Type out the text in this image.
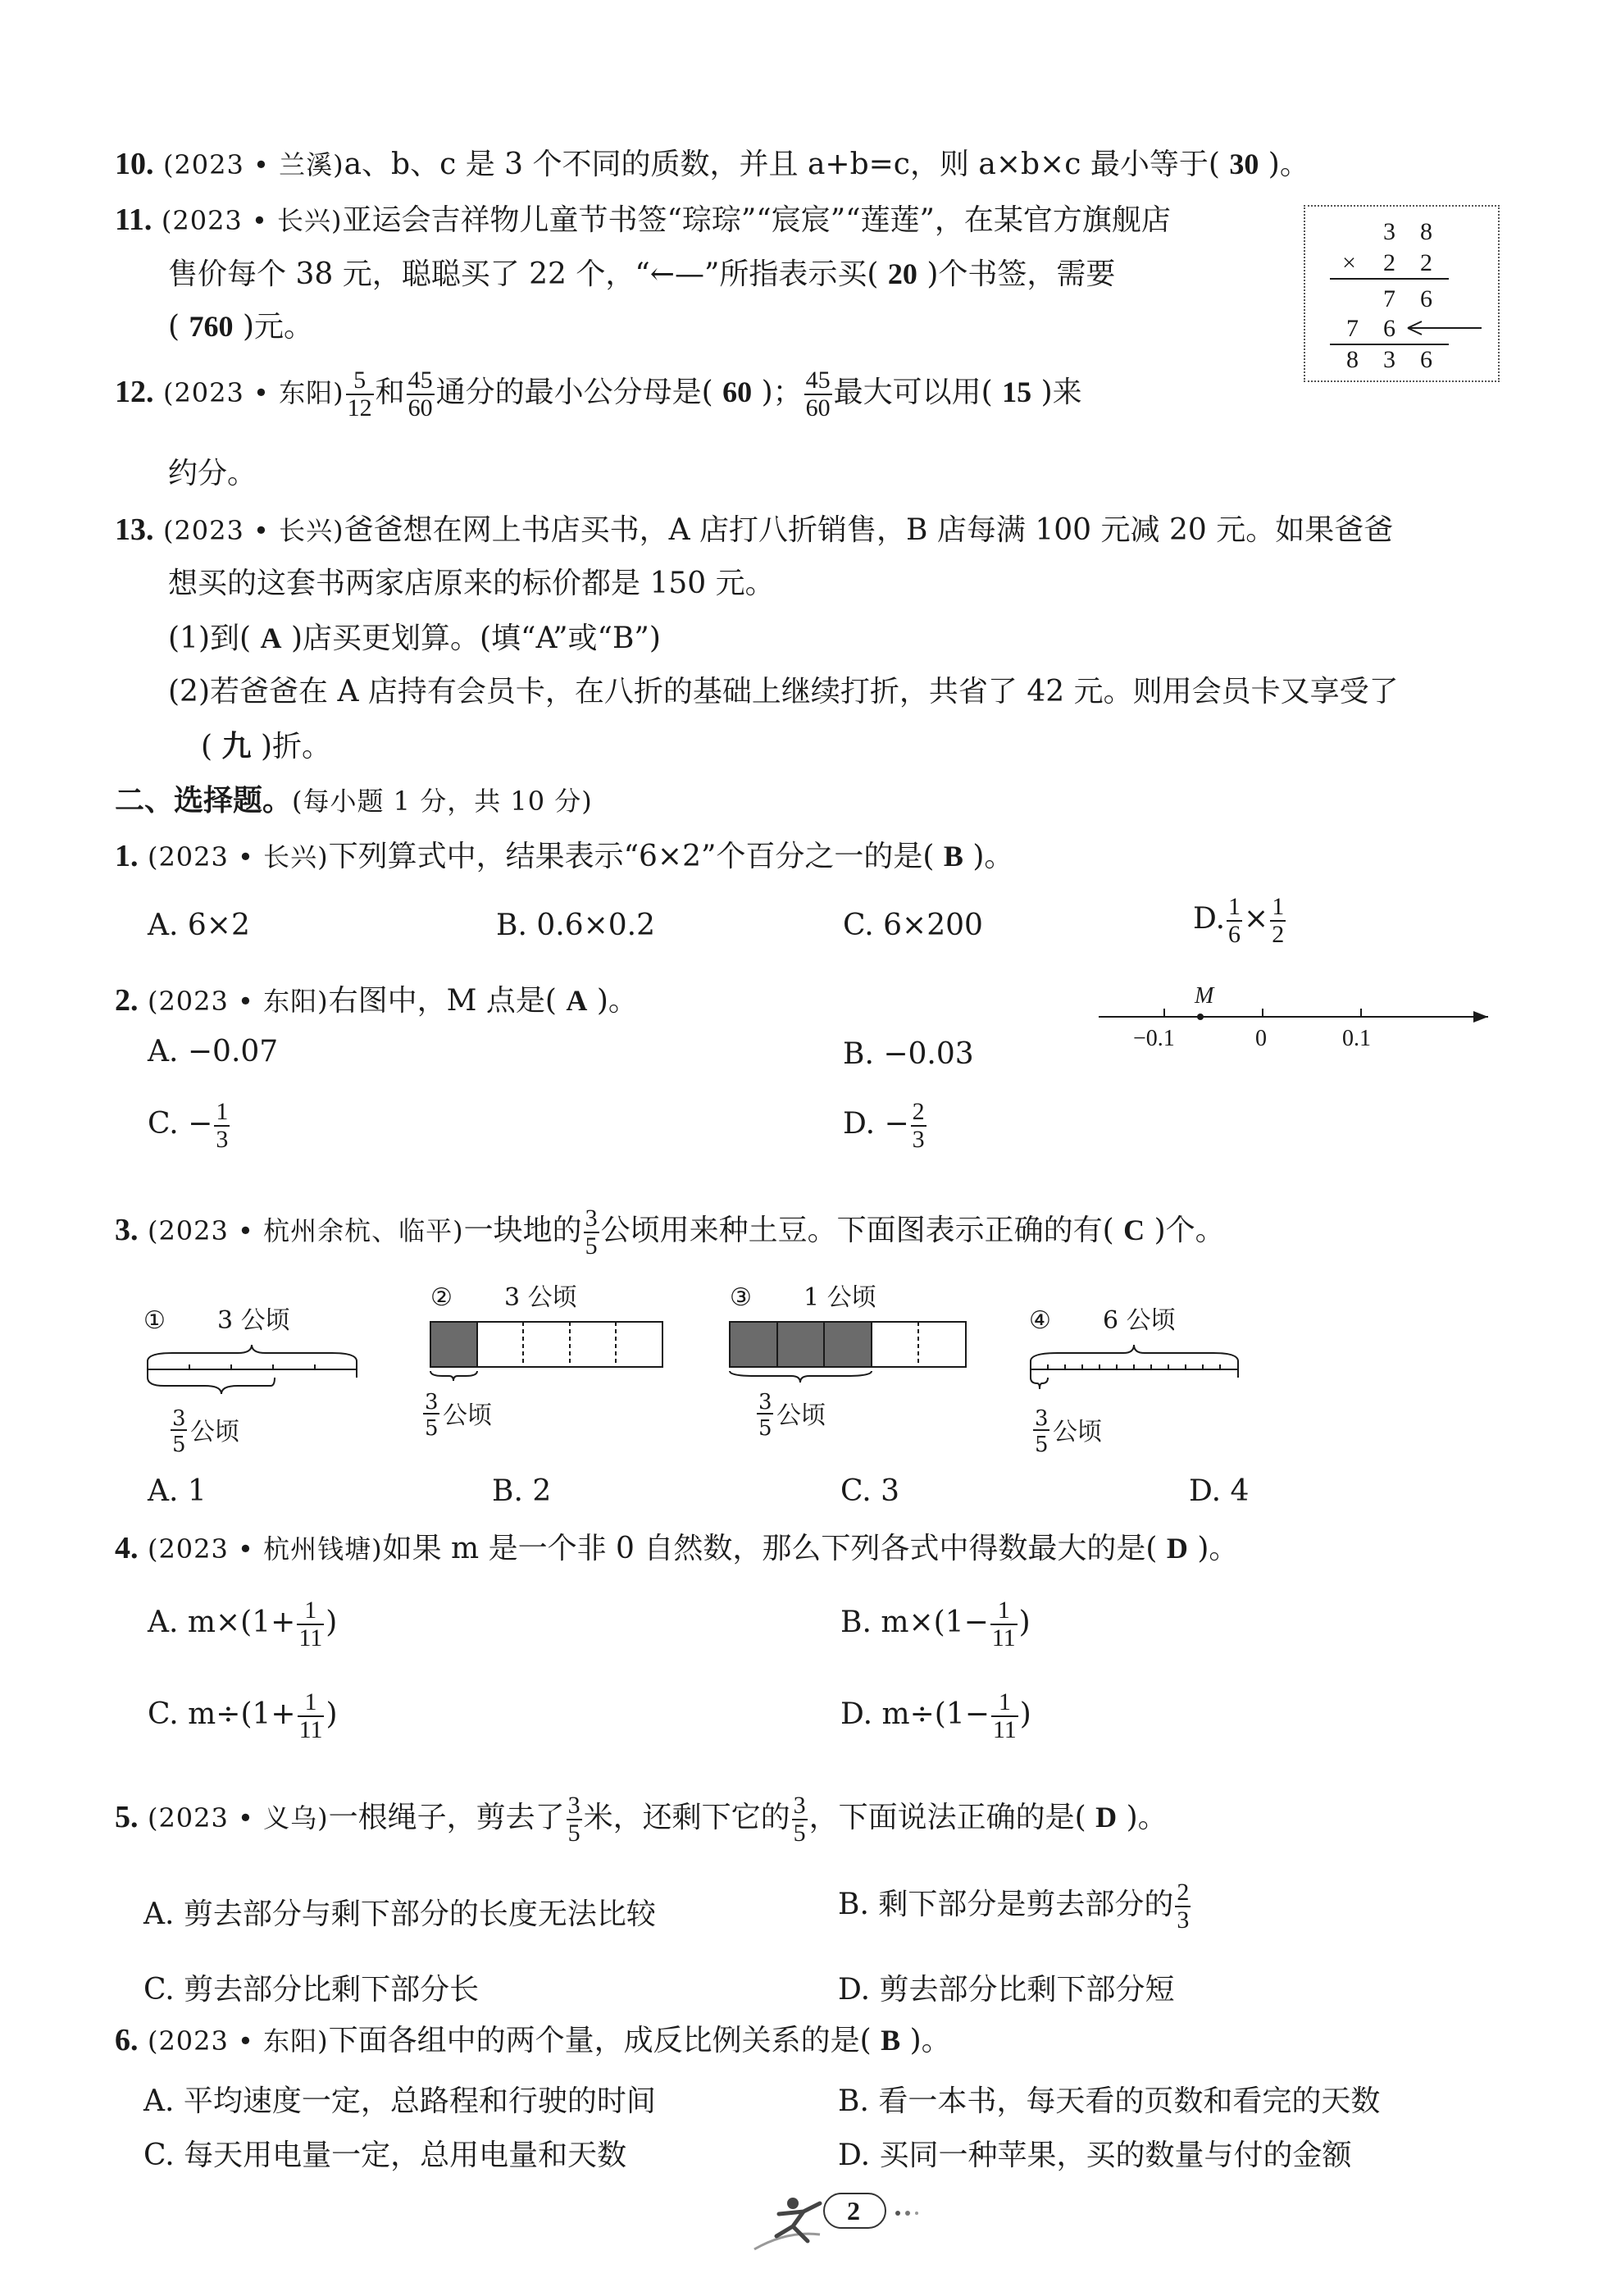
10. (2023 • 兰溪)a、b、c 是 3 个不同的质数，并且 a+b=c，则 a×b×c 最小等于( 30 )。
11. (2023 • 长兴)亚运会吉祥物儿童节书签“琮琮”“宸宸”“莲莲”，在某官方旗舰店
售价每个 38 元，聪聪买了 22 个，“←—”所指表示买( 20 )个书签，需要
( 760 )元。
3 8
× 2 2
7 6
7 6
8 3 6
12. (2023 • 东阳) $\frac{5}{12}$ 和 $\frac{45}{60}$ 通分的最小公分母是( 60 )； $\frac{45}{60}$ 最大可以用( 15 )来
约分。
13. (2023 • 长兴)爸爸想在网上书店买书，A 店打八折销售，B 店每满 100 元减 20 元。如果爸爸
想买的这套书两家店原来的标价都是 150 元。
(1)到( A )店买更划算。(填“A”或“B”)
(2)若爸爸在 A 店持有会员卡，在八折的基础上继续打折，共省了 42 元。则用会员卡又享受了
( 九 )折。
二、选择题。(每小题 1 分，共 10 分)
1. (2023 • 长兴)下列算式中，结果表示“6×2”个百分之一的是( B )。
A. 6×2	B. 0.6×0.2	C. 6×200	D. $\frac{1}{6} \times \frac{1}{2}$
2. (2023 • 东阳)右图中，M 点是( A )。	M
−0.1	0	0.1
A. −0.07	B. −0.03
C. − $\frac{1}{3}$	D. − $\frac{2}{3}$
3. (2023 • 杭州余杭、临平)一块地的 $\frac{3}{5}$ 公顷用来种土豆。下面图表示正确的有( C )个。
① 3 公顷
3
5 公顷
② 3 公顷
3
5 公顷
③ 1 公顷
3
5 公顷
④ 6 公顷
3
5 公顷
A. 1	B. 2	C. 3	D. 4
4. (2023 • 杭州钱塘)如果 m 是一个非 0 自然数，那么下列各式中得数最大的是( D )。
A. $m\times(1+ \frac{1}{11}$ )	B. $m\times(1- \frac{1}{11}$ )
C. $m\div(1+ \frac{1}{11}$ )	D. $m\div(1- \frac{1}{11}$ )
5. (2023 • 义乌)一根绳子，剪去了 $\frac{3}{5}$ 米，还剩下它的 $\frac{3}{5}$ ，下面说法正确的是( D )。
A. 剪去部分与剩下部分的长度无法比较	B. 剩下部分是剪去部分的 $\frac{2}{3}$
C. 剪去部分比剩下部分长	D. 剪去部分比剩下部分短
6. (2023 • 东阳)下面各组中的两个量，成反比例关系的是( B )。
A. 平均速度一定，总路程和行驶的时间	B. 看一本书，每天看的页数和看完的天数
C. 每天用电量一定，总用电量和天数	D. 买同一种苹果，买的数量与付的金额
2
